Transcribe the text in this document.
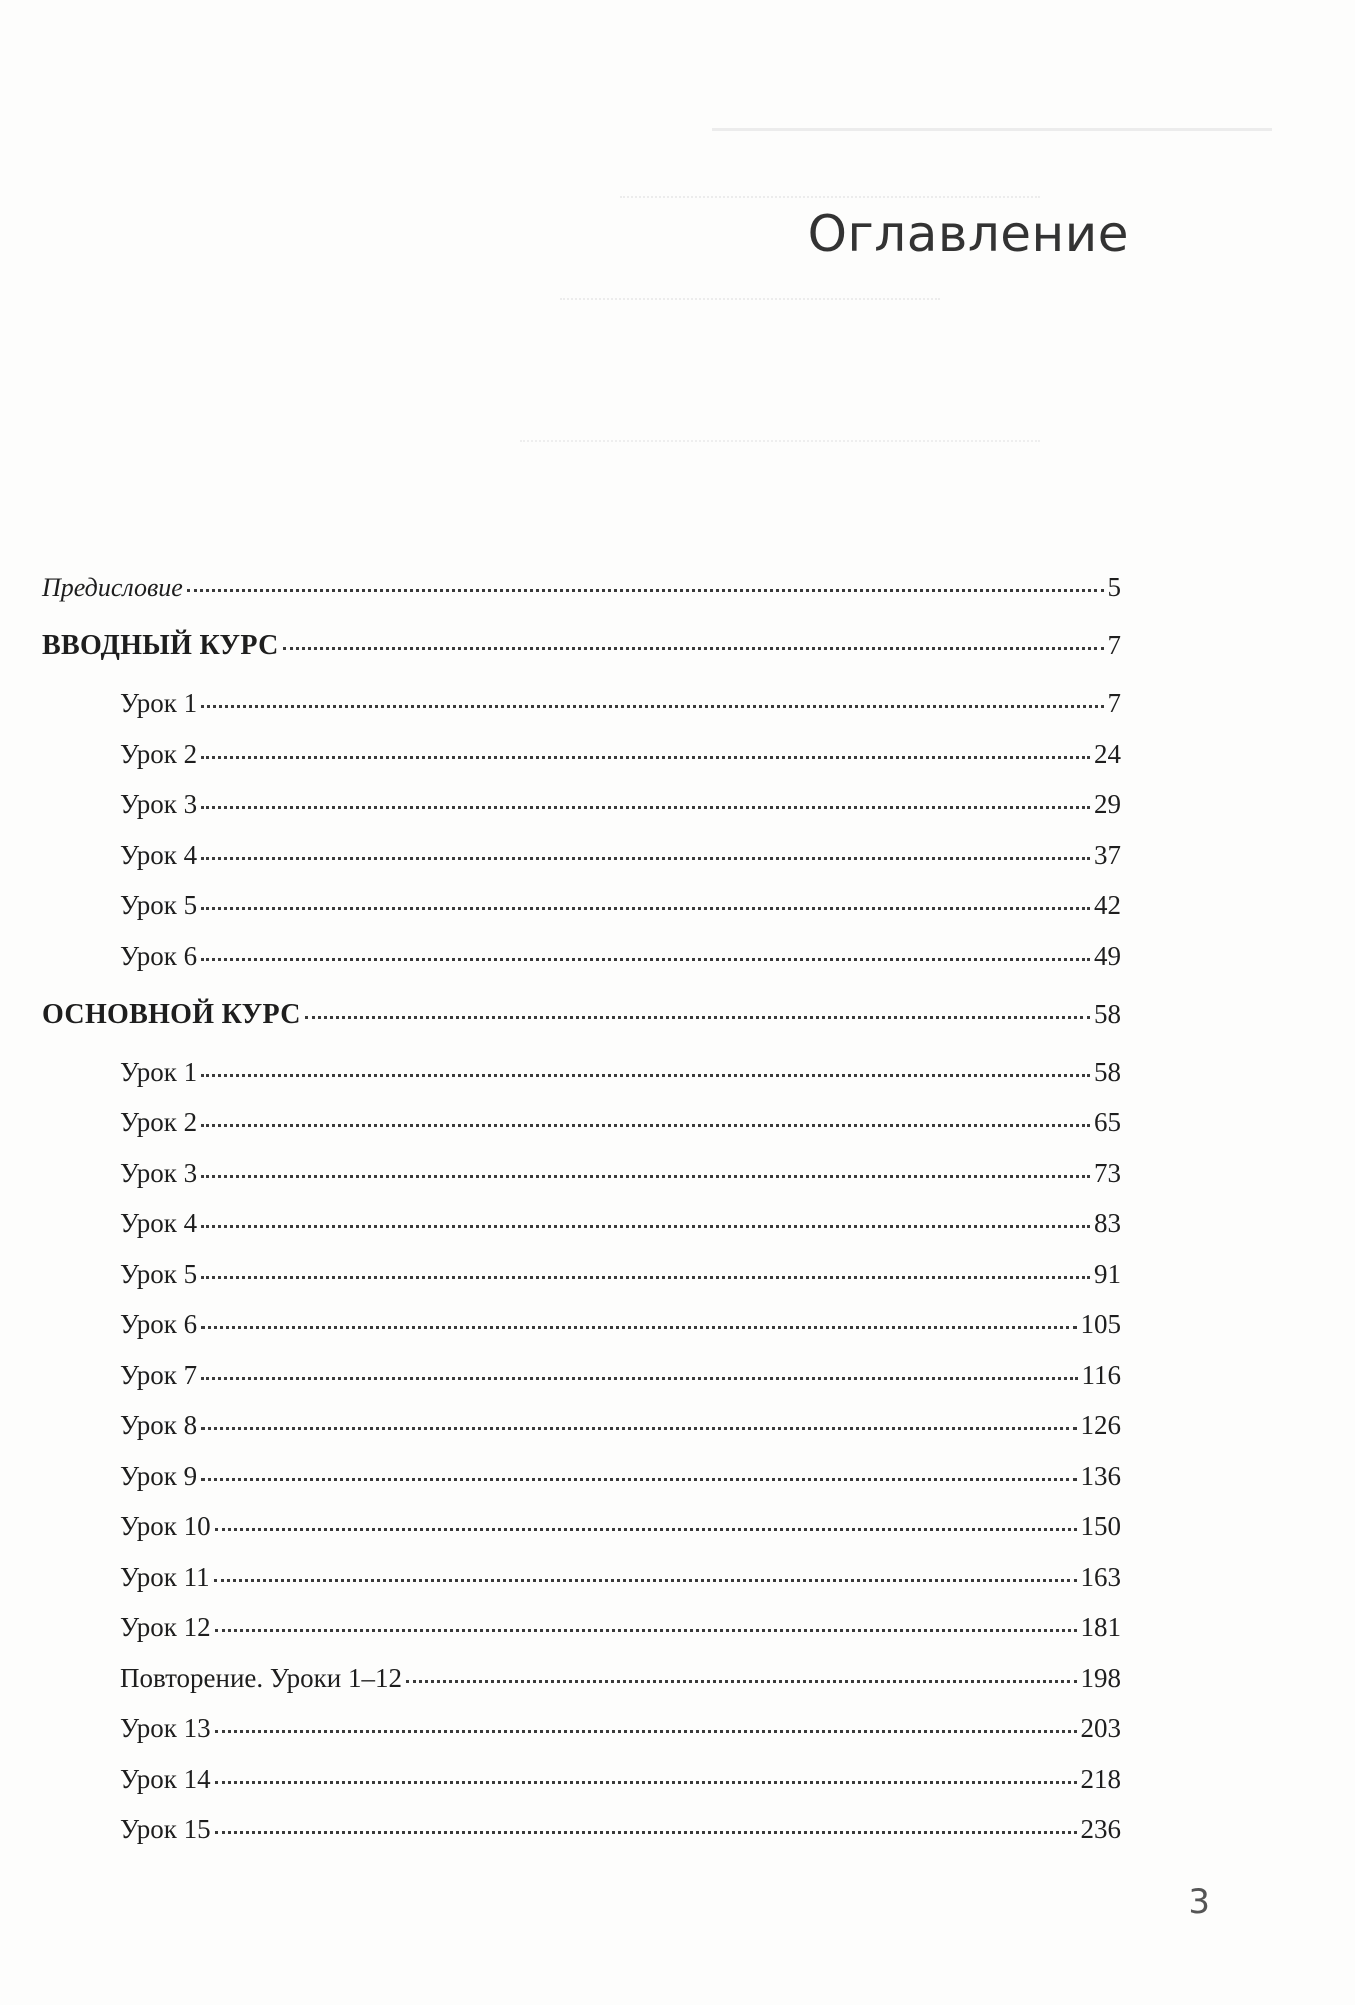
Оглавление
Предисловие	5
ВВОДНЫЙ КУРС	7
Урок 1	7
Урок 2	24
Урок 3	29
Урок 4	37
Урок 5	42
Урок 6	49
ОСНОВНОЙ КУРС	58
Урок 1	58
Урок 2	65
Урок 3	73
Урок 4	83
Урок 5	91
Урок 6	105
Урок 7	116
Урок 8	126
Урок 9	136
Урок 10	150
Урок 11	163
Урок 12	181
Повторение. Уроки 1–12	198
Урок 13	203
Урок 14	218
Урок 15	236
3
